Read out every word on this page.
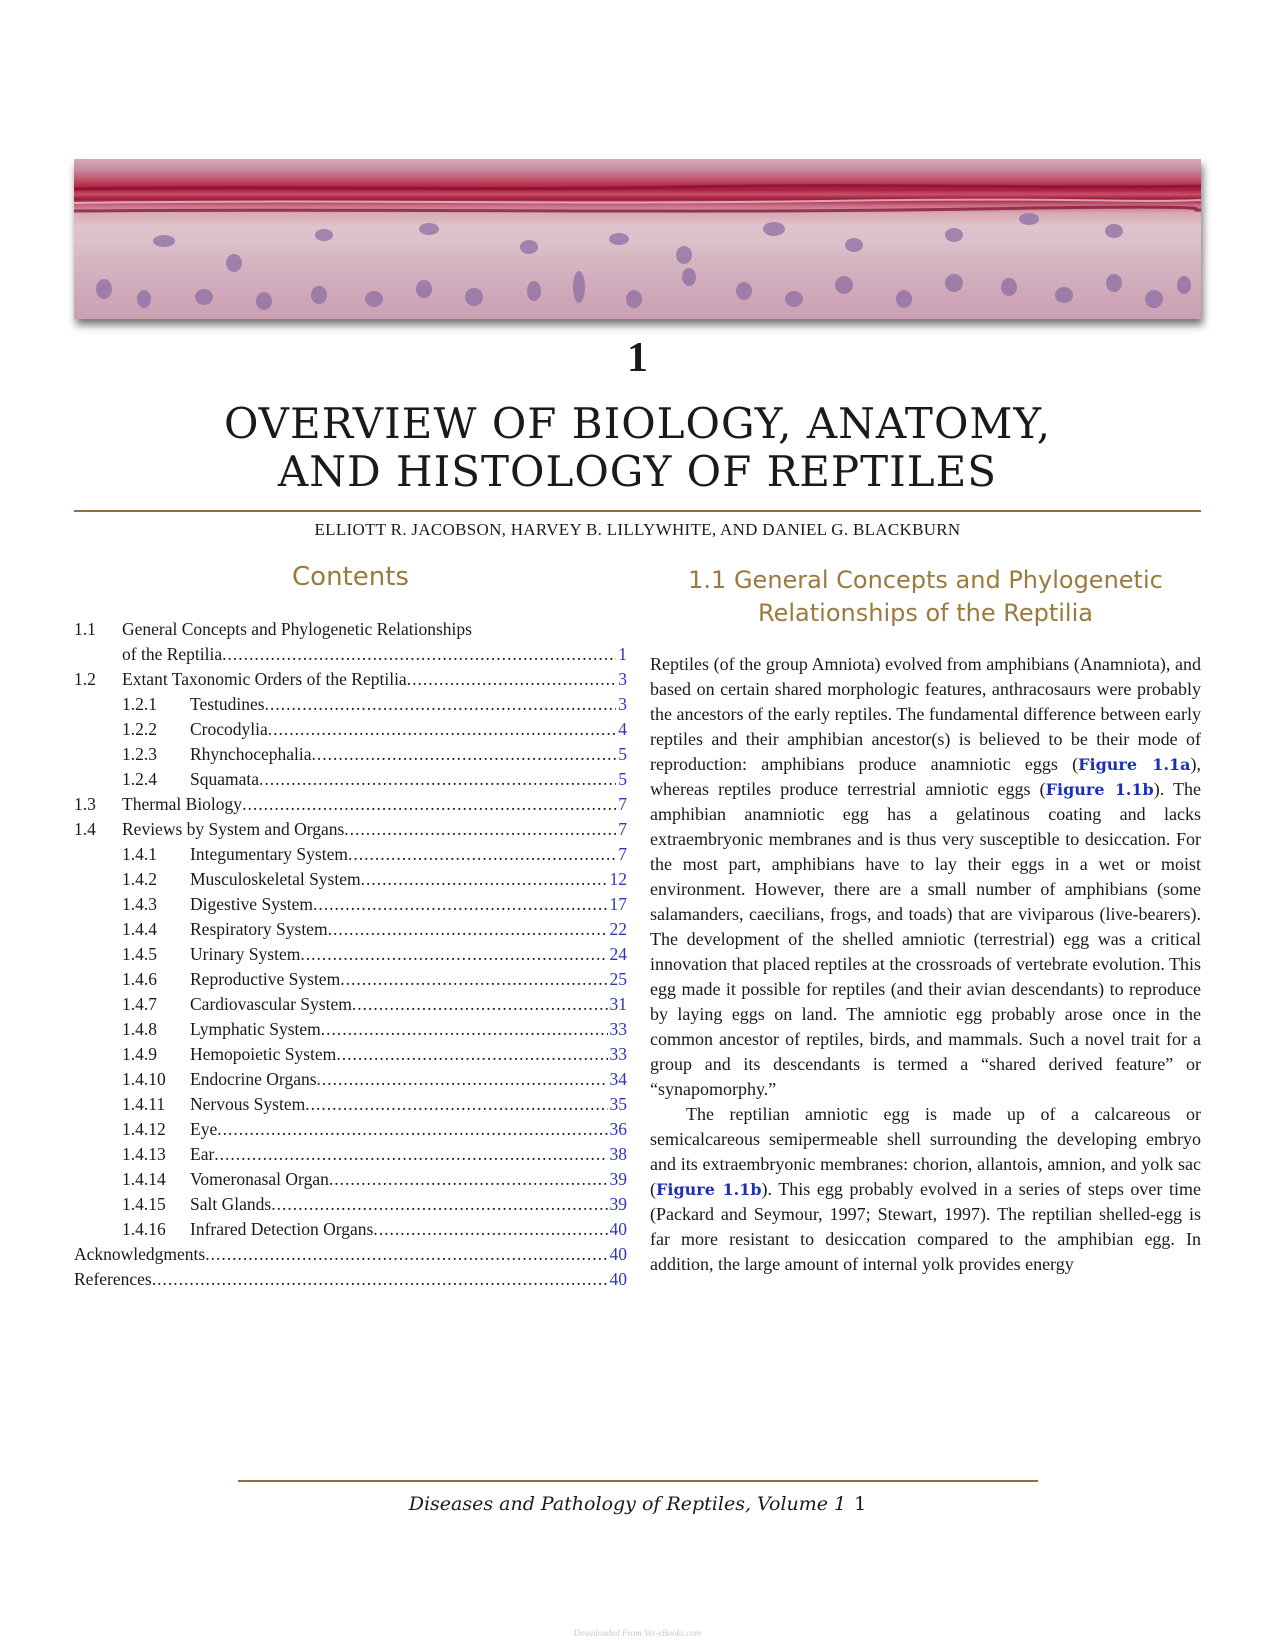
1
OVERVIEW OF BIOLOGY, ANATOMY,
AND HISTOLOGY OF REPTILES
ELLIOTT R. JACOBSON, HARVEY B. LILLYWHITE, AND DANIEL G. BLACKBURN
Contents
1.1 General Concepts and Phylogenetic Relationships
of the Reptilia .....	1
1.2 Extant Taxonomic Orders of the Reptilia .....	3
1.2.1 Testudines .....	3
1.2.2 Crocodylia .....	4
1.2.3 Rhynchocephalia .....	5
1.2.4 Squamata .....	5
1.3 Thermal Biology .....	7
1.4 Reviews by System and Organs .....	7
1.4.1 Integumentary System .....	7
1.4.2 Musculoskeletal System .....	12
1.4.3 Digestive System .....	17
1.4.4 Respiratory System .....	22
1.4.5 Urinary System .....	24
1.4.6 Reproductive System .....	25
1.4.7 Cardiovascular System .....	31
1.4.8 Lymphatic System .....	33
1.4.9 Hemopoietic System .....	33
1.4.10 Endocrine Organs .....	34
1.4.11 Nervous System .....	35
1.4.12 Eye .....	36
1.4.13 Ear .....	38
1.4.14 Vomeronasal Organ .....	39
1.4.15 Salt Glands .....	39
1.4.16 Infrared Detection Organs .....	40
Acknowledgments .....	40
References .....	40
1.1 General Concepts and Phylogenetic
Relationships of the Reptilia

Reptiles (of the group Amniota) evolved from amphibians (Anamniota), and based on certain shared morphologic features, anthracosaurs were probably the ancestors of the early reptiles. The fundamental difference between early reptiles and their amphibian ancestor(s) is believed to be their mode of reproduction: amphibians produce anamniotic eggs (Figure 1.1a), whereas reptiles produce terrestrial amniotic eggs (Figure 1.1b). The amphibian anamniotic egg has a gelatinous coating and lacks extraembryonic membranes and is thus very susceptible to desiccation. For the most part, amphibians have to lay their eggs in a wet or moist environment. However, there are a small number of amphibians (some salamanders, caecilians, frogs, and toads) that are viviparous (live-bearers). The development of the shelled amniotic (terrestrial) egg was a critical innovation that placed reptiles at the crossroads of vertebrate evolution. This egg made it possible for reptiles (and their avian descendants) to reproduce by laying eggs on land. The amniotic egg probably arose once in the common ancestor of reptiles, birds, and mammals. Such a novel trait for a group and its descendants is termed a “shared derived feature” or “synapomorphy.”

The reptilian amniotic egg is made up of a calcareous or semicalcareous semipermeable shell surrounding the developing embryo and its extraembryonic membranes: chorion, allantois, amnion, and yolk sac (Figure 1.1b). This egg probably evolved in a series of steps over time (Packard and Seymour, 1997; Stewart, 1997). The reptilian shelled-egg is far more resistant to desiccation compared to the amphibian egg. In addition, the large amount of internal yolk provides energy

Diseases and Pathology of Reptiles, Volume 1 1
Downloaded From Vet-eBooks.com
